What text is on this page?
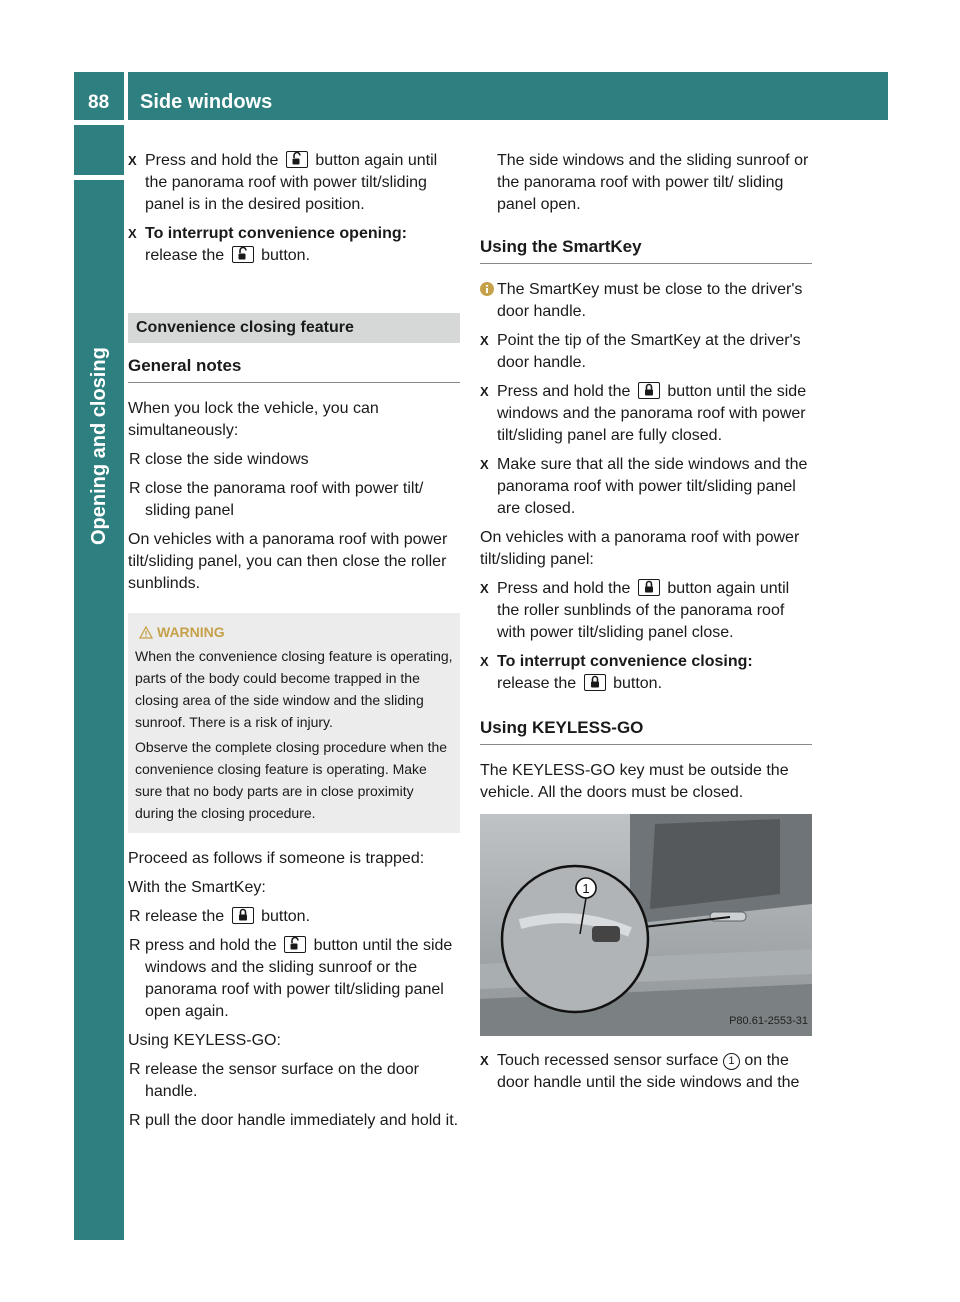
88 Side windows
Opening and closing
X Press and hold the button again until the panorama roof with power tilt/sliding panel is in the desired position.
X To interrupt convenience opening:
release the button.
Convenience closing feature
General notes

When you lock the vehicle, you can simultaneously:

R close the side windows
R close the panorama roof with power tilt/ sliding panel

On vehicles with a panorama roof with power tilt/sliding panel, you can then close the roller sunblinds.

WARNING

When the convenience closing feature is operating, parts of the body could become trapped in the closing area of the side window and the sliding sunroof. There is a risk of injury.

Observe the complete closing procedure when the convenience closing feature is operating. Make sure that no body parts are in close proximity during the closing procedure.

Proceed as follows if someone is trapped:

With the SmartKey:

R release the button.
R press and hold the button until the side windows and the sliding sunroof or the panorama roof with power tilt/sliding panel open again.

Using KEYLESS-GO:

R release the sensor surface on the door handle.
R pull the door handle immediately and hold it.

The side windows and the sliding sunroof or the panorama roof with power tilt/ sliding panel open.

Using the SmartKey
The SmartKey must be close to the driver's door handle.
X Point the tip of the SmartKey at the driver's door handle.
X Press and hold the button until the side windows and the panorama roof with power tilt/sliding panel are fully closed.
X Make sure that all the side windows and the panorama roof with power tilt/sliding panel are closed.

On vehicles with a panorama roof with power tilt/sliding panel:

X Press and hold the button again until the roller sunblinds of the panorama roof with power tilt/sliding panel close.
X To interrupt convenience closing:
release the button.
Using KEYLESS-GO

The KEYLESS-GO key must be outside the vehicle. All the doors must be closed.

1
P80.61-2553-31
X Touch recessed sensor surface 1 on the door handle until the side windows and the
